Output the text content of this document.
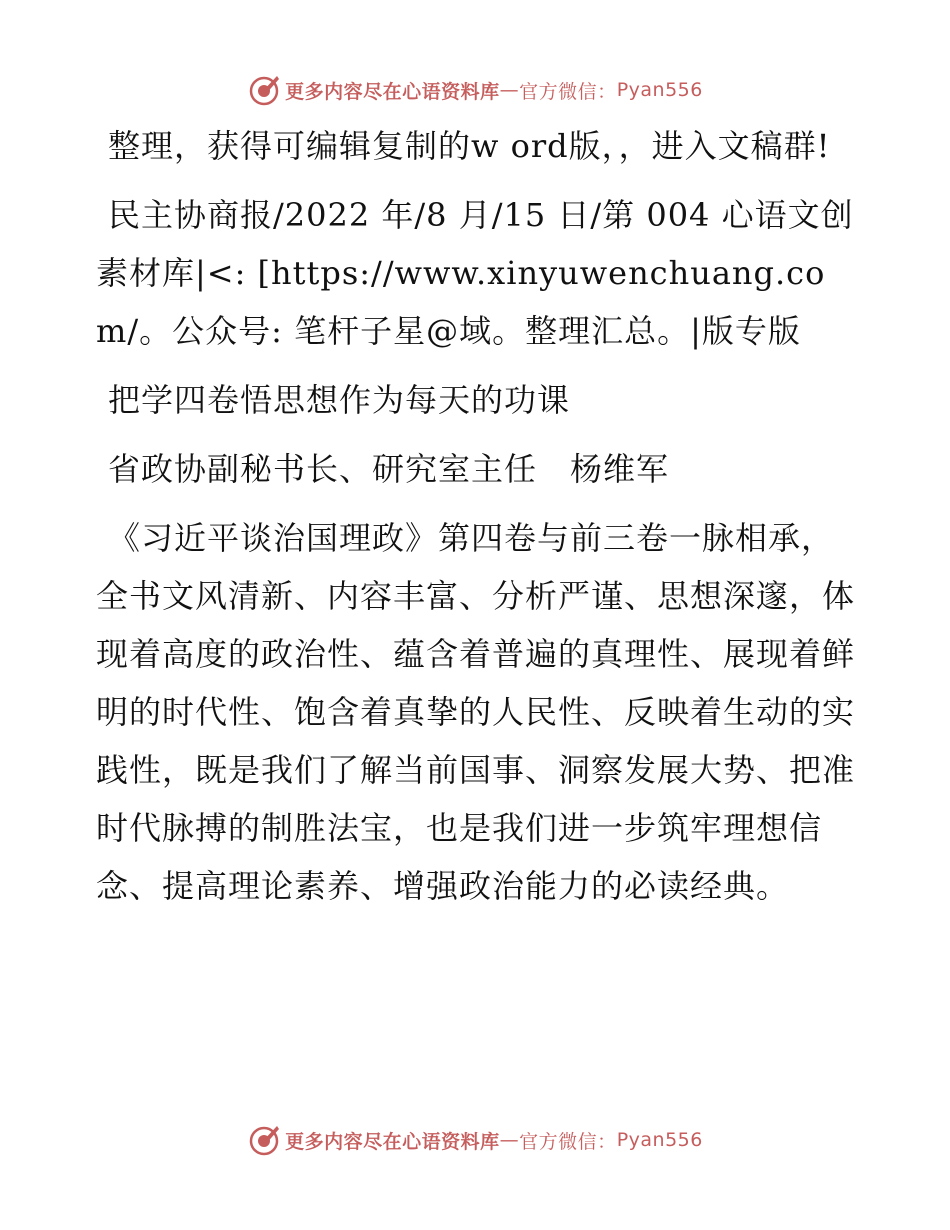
更多内容尽在心语资料库 — 官方微信： Pyan556

整理，获得可编辑复制的w ord版，，进入文稿群!

民主协商报/2022 年/8 月/15 日/第 004 心语文创素材库|<: [https://www.xinyuwenchuang.com/。公众号: 笔杆子星@域。整理汇总。|版专版

把学四卷悟思想作为每天的功课

省政协副秘书长、研究室主任　杨维军

《习近平谈治国理政》第四卷与前三卷一脉相承，全书文风清新、内容丰富、分析严谨、思想深邃，体现着高度的政治性、蕴含着普遍的真理性、展现着鲜明的时代性、饱含着真挚的人民性、反映着生动的实践性，既是我们了解当前国事、洞察发展大势、把准时代脉搏的制胜法宝，也是我们进一步筑牢理想信念、提高理论素养、增强政治能力的必读经典。

更多内容尽在心语资料库 — 官方微信： Pyan556
